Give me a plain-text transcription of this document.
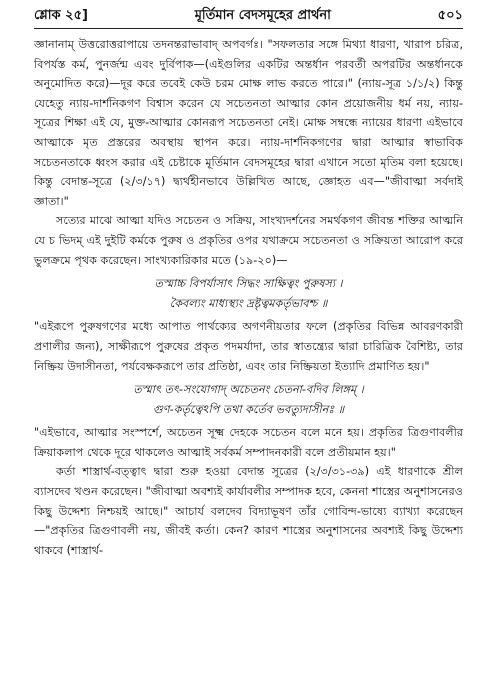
শ্লোক ২৫]	মূর্তিমান বেদসমূহের প্রার্থনা	৫০১

জ্ঞানানাম্ উত্তরোত্তরাপায়ে তদনন্তরাভাবাদ্ অপবর্গঃ। "সফলতার সঙ্গে মিথ্যা ধারণা, খারাপ চরিত্র, বিপর্যস্ত কর্ম, পুনর্জন্ম এবং দুর্বিপাক—(এইগুলির একটির অন্তর্ধান পরবর্তী অপরটির অন্তর্ধানকে অনুমোদিত করে)—দূর করে তবেই কেউ চরম মোক্ষ লাভ করতে পারে।" (ন্যায়-সূত্র ১/১/২) কিন্তু যেহেতু ন্যায়-দার্শনিকগণ বিশ্বাস করেন যে সচেতনতা আত্মার কোন প্রয়োজনীয় ধর্ম নয়, ন্যায়-সূত্রের শিক্ষা এই যে, মুক্ত-আত্মার কোনরূপ সচেতনতা নেই। মোক্ষ সম্বন্ধে ন্যায়ের ধারণা এইভাবে আত্মাকে মৃত প্রস্তরের অবস্থায় স্থাপন করে। ন্যায়-দার্শনিকগণের দ্বারা আত্মার স্বাভাবিক সচেতনতাকে ধ্বংস করার এই চেষ্টাকে মূর্তিমান বেদসমূহের দ্বারা এখানে সতো মৃতিম বলা হয়েছে। কিন্তু বেদান্ত-সূত্রে (২/৩/১৭) দ্ব্যর্থহীনভাবে উল্লিখিত আছে, জ্ঞোহত এব—"জীবাত্মা সর্বদাই জ্ঞাতা।"

সত্যের মাঝে আত্মা যদিও সচেতন ও সক্রিয়, সাংখ্যদর্শনের সমর্থকগণ জীবন্ত শক্তির আত্মনি যে চ ভিদম্ এই দুইটি কর্মকে পুরুষ ও প্রকৃতির ওপর যথাক্রমে সচেতনতা ও সক্রিয়তা আরোপ করে ভুলক্রমে পৃথক করেছেন। সাংখ্যকারিকার মতে (১৯-২০)—

তস্মাচ্চ বিপর্যাসাৎ সিদ্ধং সাক্ষিত্বং পুরুষস্য ।
কৈবল্যং মাধ্যস্থ্যং দ্রষ্টৃত্বমকর্তৃভাবশ্চ ॥

"এইরূপে পুরুষগণের মধ্যে আপাত পার্থক্যের অগণনীয়তার ফলে (প্রকৃতির বিভিন্ন আবরণকারী প্রণালীর জন্য), সাক্ষীরূপে পুরুষের প্রকৃত পদমর্যাদা, তার স্বাতন্ত্র্যের দ্বারা চারিত্রিক বৈশিষ্ট্য, তার নিষ্ক্রিয় উদাসীনতা, পর্যবেক্ষকরূপে তার প্রতিষ্ঠা, এবং তার নিষ্ক্রিয়তা ইত্যাদি প্রমাণিত হয়।"

তস্মাৎ তৎ-সংযোগাদ্ অচেতনং চেতনা-বদিব লিঙ্গম্ ।
গুণ-কর্তৃত্বেঽপি তথা কর্তেব ভবত্যুদাসীনঃ ॥

"এইভাবে, আত্মার সংস্পর্শে, অচেতন সূক্ষ্ম দেহকে সচেতন বলে মনে হয়। প্রকৃতির ত্রিগুণাবলীর ক্রিয়াকলাপ থেকে দূরে থাকলেও আত্মাই সর্বকর্ম সম্পাদনকারী বলে প্রতীয়মান হয়।"

কর্তা শাস্ত্রার্থ-বত্ত্বাৎ দ্বারা শুরু হওয়া বেদান্ত সূত্রের (২/৩/৩১-৩৯) এই ধারণাকে শ্রীল ব্যাসদেব খণ্ডন করেছেন। "জীবাত্মা অবশ্যই কার্যাবলীর সম্পাদক হবে, কেননা শাস্ত্রের অনুশাসনেরও কিছু উদ্দেশ্য নিশ্চয়ই আছে।" আচার্য বলদেব বিদ্যাভূষণ তাঁর গোবিন্দ-ভাষ্যে ব্যাখ্যা করেছেন—"প্রকৃতির ত্রিগুণাবলী নয়, জীবই কর্তা। কেন? কারণ শাস্ত্রের অনুশাসনের অবশ্যই কিছু উদ্দেশ্য থাকবে (শাস্ত্রার্থ-
